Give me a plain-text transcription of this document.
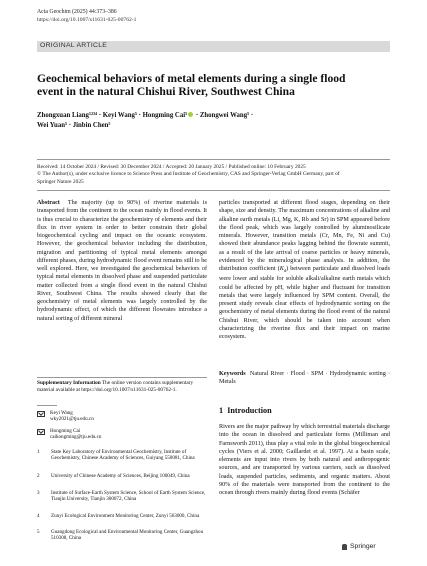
Acta Geochim (2025) 44:373–386
https://doi.org/10.1007/s11631-025-00762-1
ORIGINAL ARTICLE
Geochemical behaviors of metal elements during a single flood event in the natural Chishui River, Southwest China
Zhongxuan Liang¹²³⁴ · Keyi Wang⁵ · Hongming Cai⁵ · Zhongwei Wang⁵ ·
Wei Yuan⁵ · Jinbin Chen⁵
Received: 14 October 2024 / Revised: 30 December 2024 / Accepted: 20 January 2025 / Published online: 10 February 2025
© The Author(s), under exclusive licence to Science Press and Institute of Geochemistry, CAS and Springer-Verlag GmbH Germany, part of
Springer Nature 2025
Abstract The majority (up to 90%) of riverine materials is transported from the continent to the ocean mainly in flood events. It is thus crucial to characterize the geochemistry of elements and their flux in river system in order to better constrain their global biogeochemical cycling and impact on the oceanic ecosystem. However, the geochemical behavior including the distribution, migration and partitioning of typical metal elements amongst different phases, during hydrodynamic flood event remains still to be well explored. Here, we investigated the geochemical behaviors of typical metal elements in dissolved phase and suspended particulate matter collected from a single flood event in the natural Chishui River, Southwest China. The results showed clearly that the geochemistry of metal elements was largely controlled by the hydrodynamic effect, of which the different flowrates introduce a natural sorting of different mineral
particles transported at different flood stages, depending on their shape, size and density. The maximum concentrations of alkaline and alkaline earth metals (Li, Mg, K, Rb and Sr) in SPM appeared before the flood peak, which was largely controlled by aluminosilicate minerals. However, transition metals (Cr, Mn, Fe, Ni and Cu) showed their abundance peaks lagging behind the flowrate summit, as a result of the late arrival of coarse particles or heavy minerals, evidenced by the mineralogical phase analysis. In addition, the distribution coefficient $(K_d)$ between particulate and dissolved loads were lower and stable for soluble alkali/alkaline earth metals which could be affected by pH, while higher and fluctuant for transition metals that were largely influenced by SPM content. Overall, the present study reveals clear effects of hydrodynamic sorting on the geochemistry of metal elements during the flood event of the natural Chishui River, which should be taken into account when characterizing the riverine flux and their impact on marine ecosystem.
Keywords Natural River · Flood · SPM · Hydrodynamic sorting · Metals
1 Introduction
Rivers are the major pathway by which terrestrial materials discharge into the ocean in dissolved and particulate forms (Milliman and Farnsworth 2011), thus play a vital role in the global biogeochemical cycles (Viers et al. 2000; Gaillardet et al. 1997). At a basin scale, elements are input into rivers by both natural and anthropogenic sources, and are transported by various carriers, such as dissolved loads, suspended particles, sediments, and organic matters. About 90% of the materials were transported from the continent to the ocean through rivers mainly during flood events (Schäfer
Supplementary Information The online version contains supplementary material available at https://doi.org/10.1007/s11631-025-00762-1.
Keyi Wang
wky2021@tju.edu.cn
Hongming Cai
caihongming@tju.edu.cn
1	State Key Laboratory of Environmental Geochemistry, Institute of Geochemistry, Chinese Academy of Sciences, Guiyang 550081, China
2	University of Chinese Academy of Sciences, Beijing 100049, China
3	Institute of Surface-Earth System Science, School of Earth System Science, Tianjin University, Tianjin 300072, China
4	Zunyi Ecological Environment Monitoring Center, Zunyi 563000, China
5	Guangdong Ecological and Environmental Monitoring Center, Guangzhou 510308, China
Springer
